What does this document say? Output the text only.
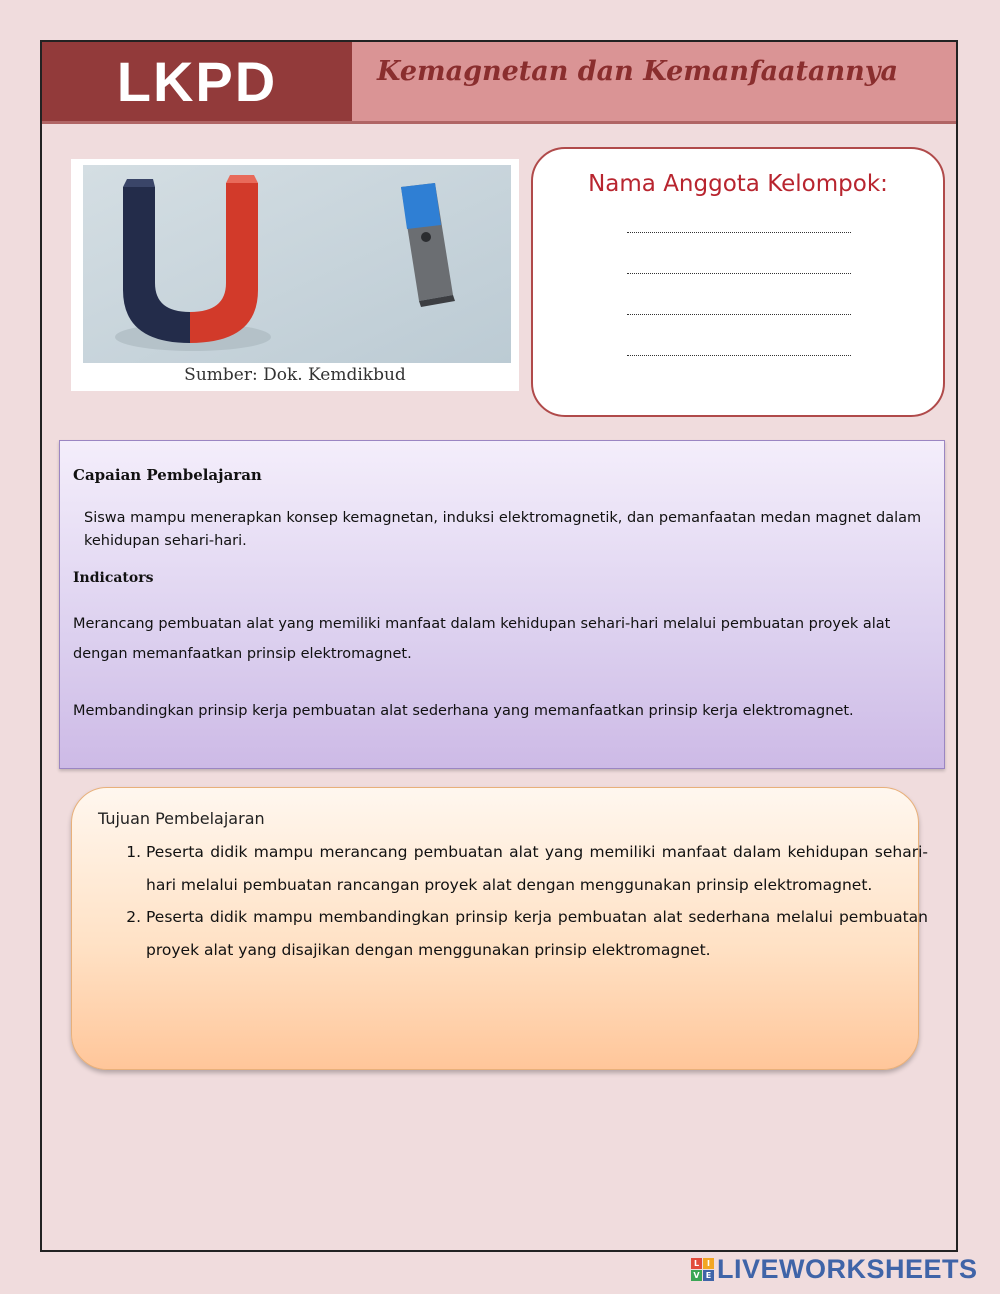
LKPD	Kemagnetan dan Kemanfaatannya
Sumber: Dok. Kemdikbud
Nama Anggota Kelompok:
Capaian Pembelajaran
Siswa mampu menerapkan konsep kemagnetan, induksi elektromagnetik, dan pemanfaatan medan magnet dalam kehidupan sehari-hari.
Indicators
Merancang pembuatan alat yang memiliki manfaat dalam kehidupan sehari-hari melalui pembuatan proyek alat dengan memanfaatkan prinsip elektromagnet.
Membandingkan prinsip kerja pembuatan alat sederhana yang memanfaatkan prinsip kerja elektromagnet.
Tujuan Pembelajaran
1. Peserta didik mampu merancang pembuatan alat yang memiliki manfaat dalam kehidupan sehari-hari melalui pembuatan rancangan proyek alat dengan menggunakan prinsip elektromagnet.
2. Peserta didik mampu membandingkan prinsip kerja pembuatan alat sederhana melalui pembuatan proyek alat yang disajikan dengan menggunakan prinsip elektromagnet.
L I
V E LIVEWORKSHEETS
